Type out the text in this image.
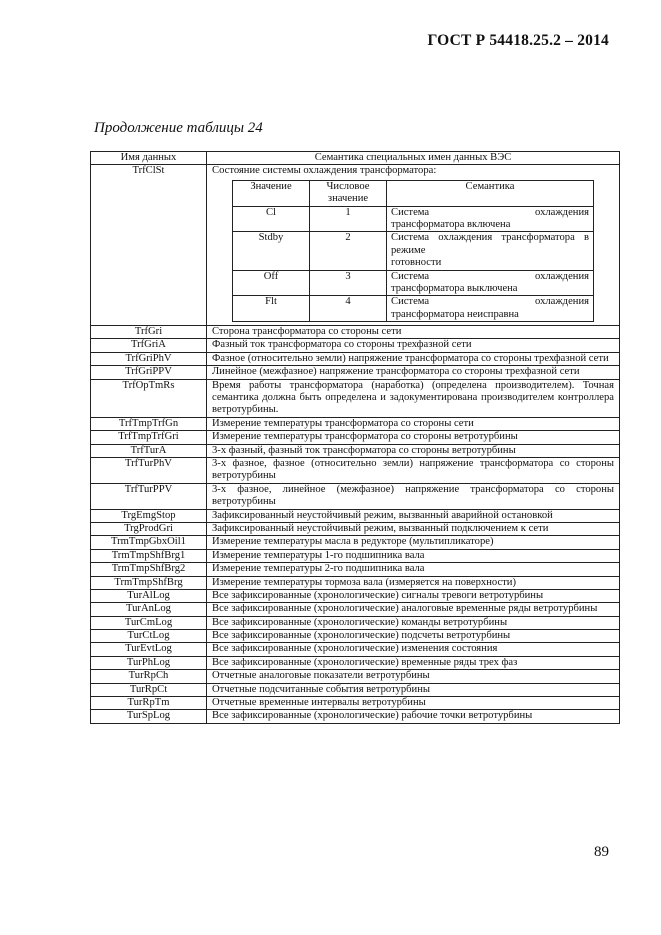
ГОСТ Р 54418.25.2 – 2014
Продолжение таблицы 24
Имя данных	Семантика специальных имен данных ВЭС
TrfClSt	Состояние системы охлаждения трансформатора:
Значение	Числовое значение	Семантика
Cl	1	Система охлаждения
трансформатора включена

Stdby	2	Система охлаждения трансформатора в режиме
готовности

Off	3	Система охлаждения
трансформатора выключена

Flt	4	Система охлаждения
трансформатора неисправна

TrfGri	Сторона трансформатора со стороны сети
TrfGriA	Фазный ток трансформатора со стороны трехфазной сети
TrfGriPhV	Фазное (относительно земли) напряжение трансформатора со стороны трехфазной сети
TrfGriPPV	Линейное (межфазное) напряжение трансформатора со стороны трехфазной сети
TrfOpTmRs	Время работы трансформатора (наработка) (определена производителем). Точная семантика должна быть определена и задокументирована производителем контроллера ветротурбины.
TrfTmpTrfGn	Измерение температуры трансформатора со стороны сети
TrfTmpTrfGri	Измерение температуры трансформатора со стороны ветротурбины
TrfTurA	3-х фазный, фазный ток трансформатора со стороны ветротурбины
TrfTurPhV	3-х фазное, фазное (относительно земли) напряжение трансформатора со стороны ветротурбины
TrfTurPPV	3-х фазное, линейное (межфазное) напряжение трансформатора со стороны ветротурбины
TrgEmgStop	Зафиксированный неустойчивый режим, вызванный аварийной остановкой
TrgProdGri	Зафиксированный неустойчивый режим, вызванный подключением к сети
TrmTmpGbxOil1	Измерение температуры масла в редукторе (мультипликаторе)
TrmTmpShfBrg1	Измерение температуры 1-го подшипника вала
TrmTmpShfBrg2	Измерение температуры 2-го подшипника вала
TrmTmpShfBrg	Измерение температуры тормоза вала (измеряется на поверхности)
TurAlLog	Все зафиксированные (хронологические) сигналы тревоги ветротурбины
TurAnLog	Все зафиксированные (хронологические) аналоговые временные ряды ветротурбины
TurCmLog	Все зафиксированные (хронологические) команды ветротурбины
TurCtLog	Все зафиксированные (хронологические) подсчеты ветротурбины
TurEvtLog	Все зафиксированные (хронологические) изменения состояния
TurPhLog	Все зафиксированные (хронологические) временные ряды трех фаз
TurRpCh	Отчетные аналоговые показатели ветротурбины
TurRpCt	Отчетные подсчитанные события ветротурбины
TurRpTm	Отчетные временные интервалы ветротурбины
TurSpLog	Все зафиксированные (хронологические) рабочие точки ветротурбины
89
